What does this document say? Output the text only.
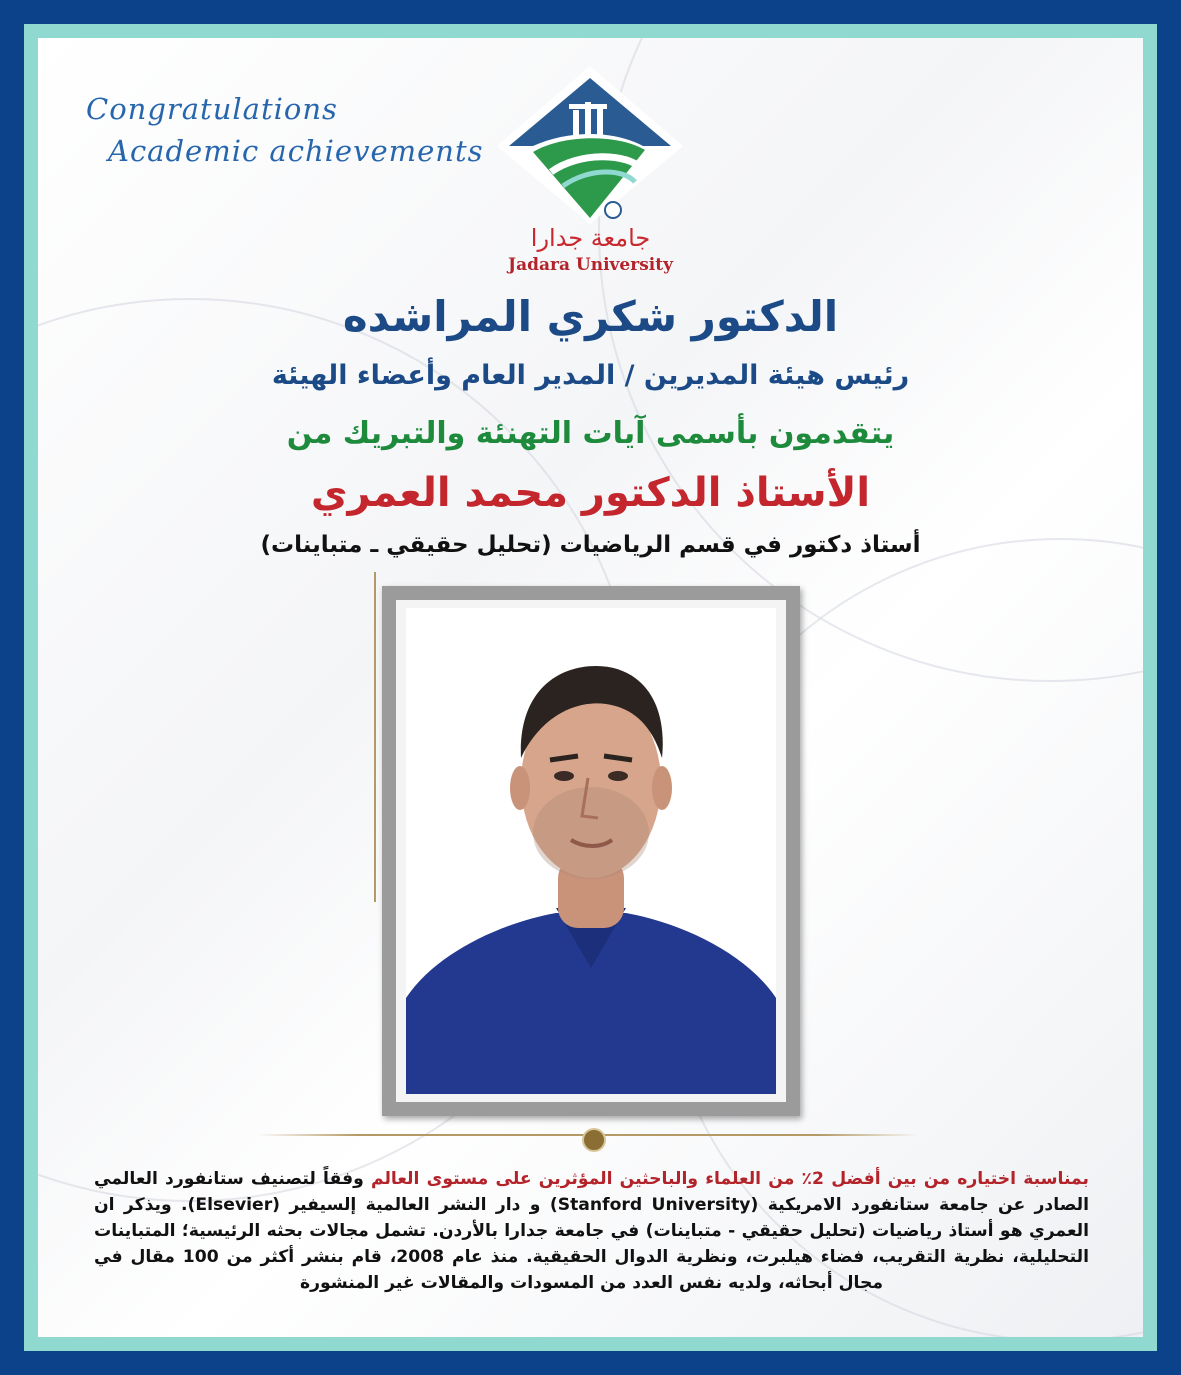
Congratulations
Academic achievements
جامعة جدارا
Jadara University
الدكتور شكري المراشده
رئيس هيئة المديرين / المدير العام وأعضاء الهيئة
يتقدمون بأسمى آيات التهنئة والتبريك من
الأستاذ الدكتور محمد العمري
أستاذ دكتور في قسم الرياضيات (تحليل حقيقي ـ متباينات)
بمناسبة اختياره من بين أفضل 2٪ من العلماء والباحثين المؤثرين على مستوى العالم وفقاً لتصنيف ستانفورد العالمي الصادر عن جامعة ستانفورد الامريكية (Stanford University) و دار النشر العالمية إلسيفير (Elsevier). ويذكر ان العمري هو أستاذ رياضيات (تحليل حقيقي - متباينات) في جامعة جدارا بالأردن. تشمل مجالات بحثه الرئيسية؛ المتباينات التحليلية، نظرية التقريب، فضاء هيلبرت، ونظرية الدوال الحقيقية. منذ عام 2008، قام بنشر أكثر من 100 مقال في مجال أبحاثه، ولديه نفس العدد من المسودات والمقالات غير المنشورة
